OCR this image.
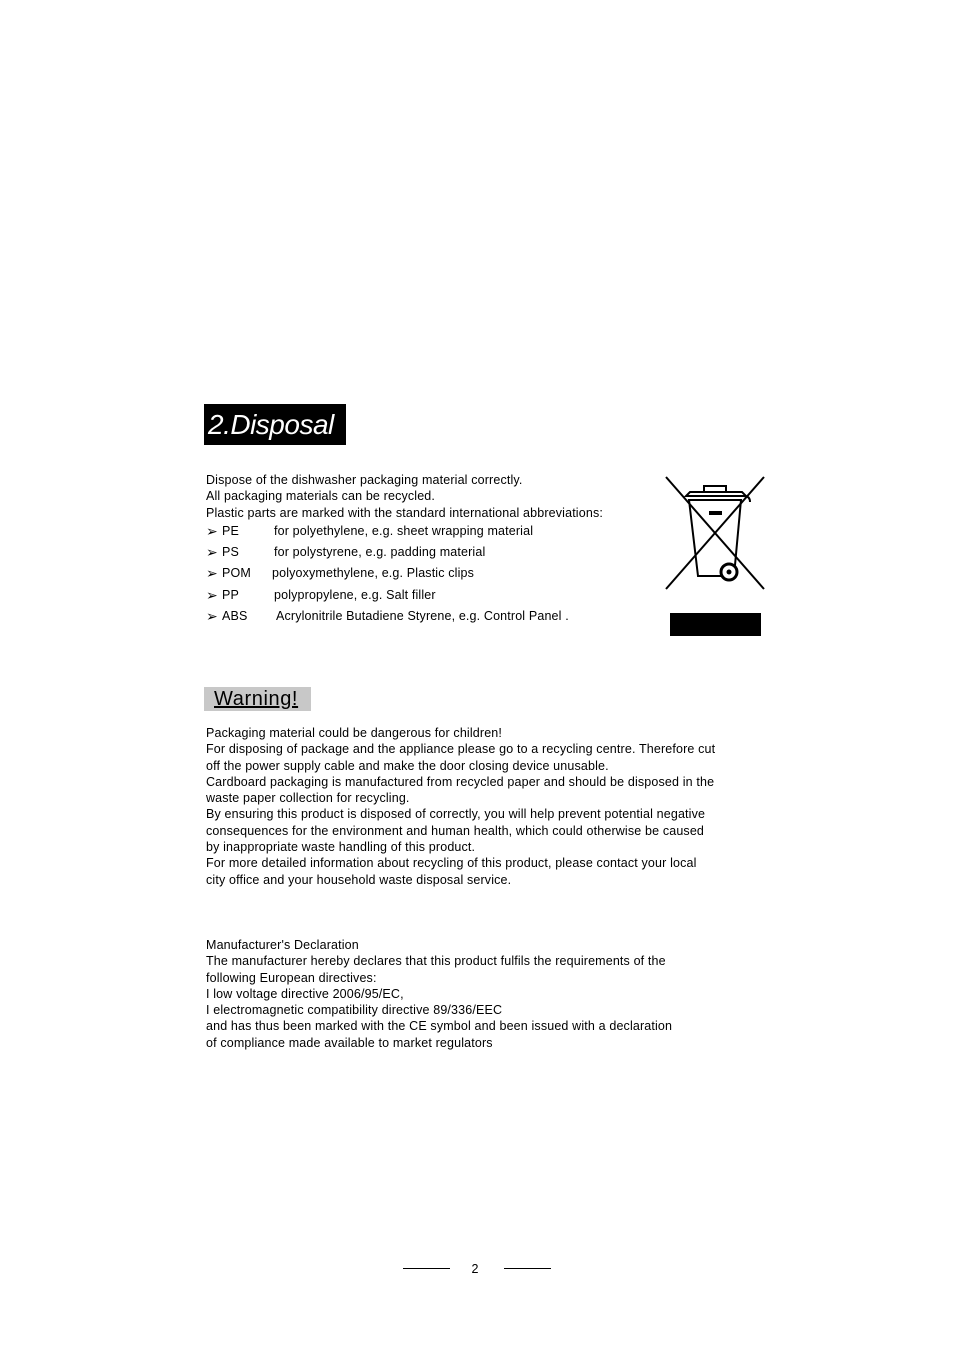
2.Disposal
Dispose of the dishwasher packaging material correctly.
All packaging materials can be recycled.
Plastic parts are marked with the standard international abbreviations:
➢ PE	for polyethylene, e.g. sheet wrapping material
➢ PS	for polystyrene, e.g. padding material
➢ POM polyoxymethylene, e.g. Plastic clips
➢ PP	polypropylene, e.g. Salt filler
➢ ABS Acrylonitrile Butadiene Styrene, e.g. Control Panel .
Warning!
Packaging material could be dangerous for children!
For disposing of package and the appliance please go to a recycling centre. Therefore cut
off the power supply cable and make the door closing device unusable.
Cardboard packaging is manufactured from recycled paper and should be disposed in the
waste paper collection for recycling.
By ensuring this product is disposed of correctly, you will help prevent potential negative
consequences for the environment and human health, which could otherwise be caused
by inappropriate waste handling of this product.
For more detailed information about recycling of this product, please contact your local
city office and your household waste disposal service.
Manufacturer's Declaration
The manufacturer hereby declares that this product fulfils the requirements of the
following European directives:
I low voltage directive 2006/95/EC,
I electromagnetic compatibility directive 89/336/EEC
and has thus been marked with the CE symbol and been issued with a declaration
of compliance made available to market regulators
2
